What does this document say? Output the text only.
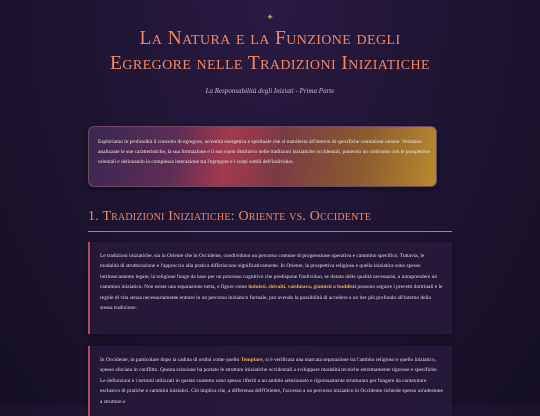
✦
La Natura e la Funzione degli
Egregore nelle Tradizioni Iniziatiche
La Responsabilità degli Iniziati - Prima Parte

Esploriamo in profondità il concetto di egregore, un'entità energetica e spirituale che si manifesta all'interno di specifiche comunioni umane. Verranno analizzate le sue caratteristiche, la sua formazione e il suo ruolo distintivo nelle tradizioni iniziatiche occidentali, ponendo un confronto con le prospettive orientali e delineando la complessa interazione tra l'egregore e i corpi sottili dell'individuo.

1. Tradizioni Iniziatiche: Oriente vs. Occidente

Le tradizioni iniziatiche, sia in Oriente che in Occidente, condividono un percorso comune di progressione operativa e cammino specifico. Tuttavia, le modalità di strutturazione e l'approccio alla pratica differiscono significativamente. In Oriente, la prospettiva religiosa e quella iniziatica sono spesso intrinsecamente legate; la religione funge da base per un processo cognitivo che predispone l'individuo, se dotato delle qualità necessarie, a intraprendere un cammino iniziatico. Non esiste una separazione netta, e figure come induisti, shivaiti, vaishnava, giainisti o buddisti possono seguire i precetti dottrinali e le regole di vita senza necessariamente entrare in un percorso iniziatico formale, pur avendo la possibilità di accedere a un iter più profondo all'interno della stessa tradizione.

In Occidente, in particolare dopo la caduta di ordini come quello Templare, si è verificata una marcata separazione tra l'ambito religioso e quello iniziatico, spesso sfociata in conflitto. Questa scissione ha portato le strutture iniziatiche occidentali a sviluppare modalità tecniche estremamente rigorose e specifiche. Le definizioni e i termini utilizzati in questo contesto sono spesso riferiti a un ambito selezionato e rigorosamente strutturato per fungere da contenitore esclusivo di pratiche e cammini iniziatici. Ciò implica che, a differenza dell'Oriente, l'accesso a un percorso iniziatico in Occidente richiede spesso un'adesione a strutture e
